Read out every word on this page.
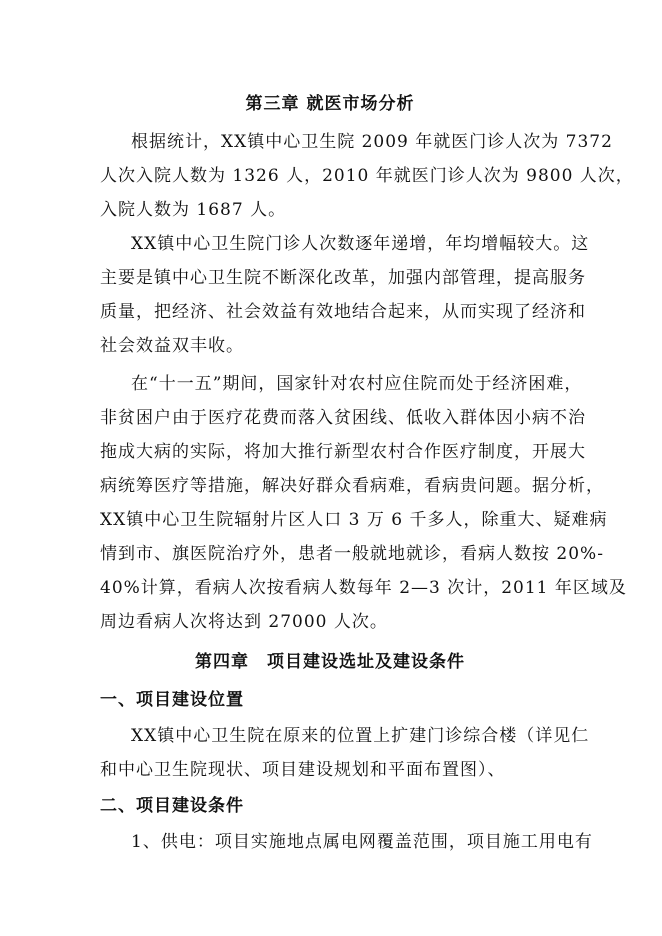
第三章 就医市场分析
根据统计，XX镇中心卫生院 2009 年就医门诊人次为 7372
人次入院人数为 1326 人，2010 年就医门诊人次为 9800 人次，
入院人数为 1687 人。
XX镇中心卫生院门诊人次数逐年递增，年均增幅较大。这
主要是镇中心卫生院不断深化改革，加强内部管理，提高服务
质量，把经济、社会效益有效地结合起来，从而实现了经济和
社会效益双丰收。
在“十一五”期间，国家针对农村应住院而处于经济困难，
非贫困户由于医疗花费而落入贫困线、低收入群体因小病不治
拖成大病的实际，将加大推行新型农村合作医疗制度，开展大
病统筹医疗等措施，解决好群众看病难，看病贵问题。据分析，
XX镇中心卫生院辐射片区人口 3 万 6 千多人，除重大、疑难病
情到市、旗医院治疗外，患者一般就地就诊，看病人数按 20%-
40%计算，看病人次按看病人数每年 2—3 次计，2011 年区域及
周边看病人次将达到 27000 人次。
第四章　项目建设选址及建设条件
一、项目建设位置
XX镇中心卫生院在原来的位置上扩建门诊综合楼（详见仁
和中心卫生院现状、项目建设规划和平面布置图）、
二、项目建设条件
1、供电：项目实施地点属电网覆盖范围，项目施工用电有
